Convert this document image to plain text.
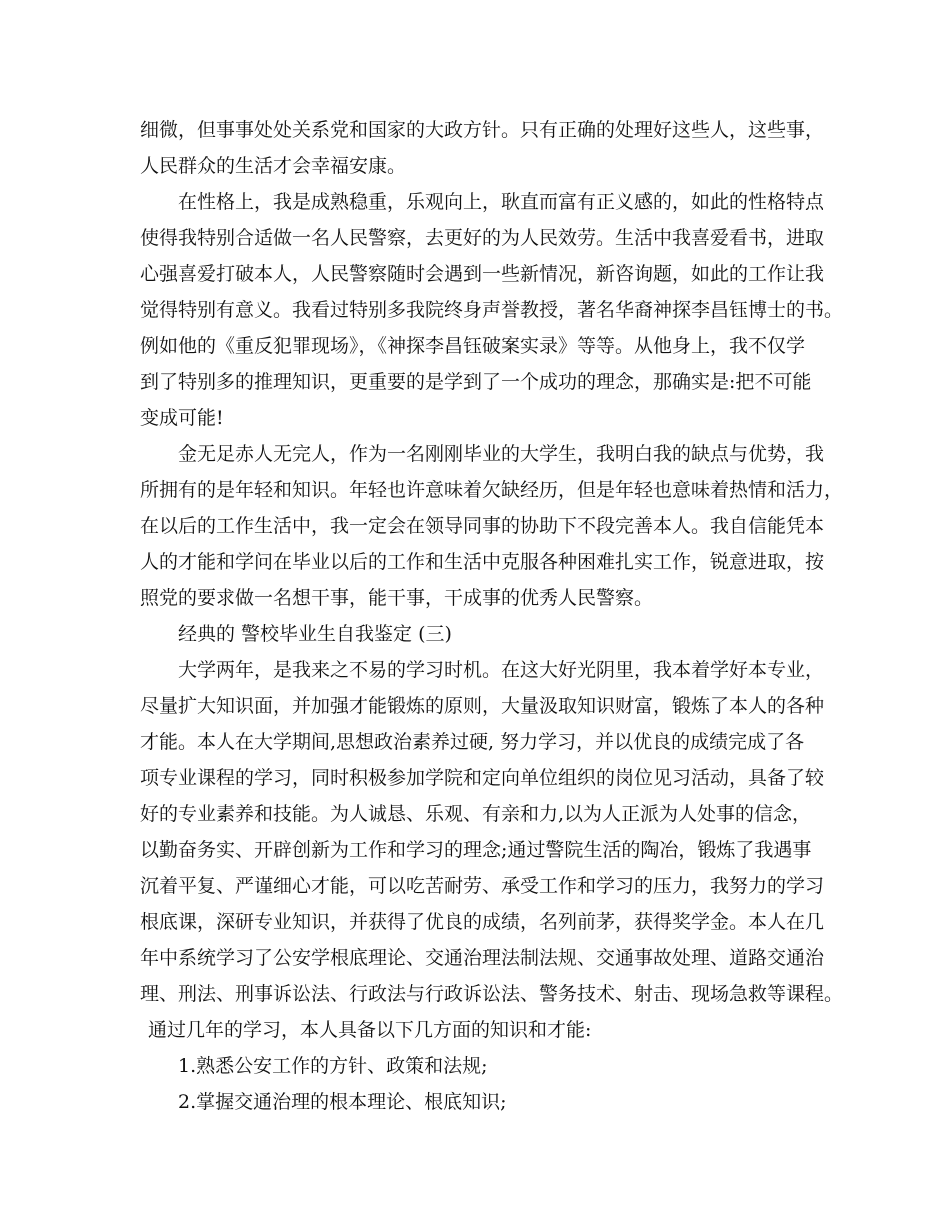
细微，但事事处处关系党和国家的大政方针。只有正确的处理好这些人，这些事，
人民群众的生活才会幸福安康。
在性格上，我是成熟稳重，乐观向上，耿直而富有正义感的，如此的性格特点
使得我特别合适做一名人民警察，去更好的为人民效劳。生活中我喜爱看书，进取
心强喜爱打破本人，人民警察随时会遇到一些新情况，新咨询题，如此的工作让我
觉得特别有意义。我看过特别多我院终身声誉教授，著名华裔神探李昌钰博士的书。
例如他的《重反犯罪现场》，《神探李昌钰破案实录》等等。从他身上，我不仅学
到了特别多的推理知识，更重要的是学到了一个成功的理念，那确实是:把不可能
变成可能!
金无足赤人无完人，作为一名刚刚毕业的大学生，我明白我的缺点与优势，我
所拥有的是年轻和知识。年轻也许意味着欠缺经历，但是年轻也意味着热情和活力，
在以后的工作生活中，我一定会在领导同事的协助下不段完善本人。我自信能凭本
人的才能和学问在毕业以后的工作和生活中克服各种困难扎实工作，锐意进取，按
照党的要求做一名想干事，能干事，干成事的优秀人民警察。
经典的 警校毕业生自我鉴定 (三)
大学两年，是我来之不易的学习时机。在这大好光阴里，我本着学好本专业，
尽量扩大知识面，并加强才能锻炼的原则，大量汲取知识财富，锻炼了本人的各种
才能。本人在大学期间,思想政治素养过硬, 努力学习，并以优良的成绩完成了各
项专业课程的学习，同时积极参加学院和定向单位组织的岗位见习活动，具备了较
好的专业素养和技能。为人诚恳、乐观、有亲和力,以为人正派为人处事的信念，
以勤奋务实、开辟创新为工作和学习的理念;通过警院生活的陶冶，锻炼了我遇事
沉着平复、严谨细心才能，可以吃苦耐劳、承受工作和学习的压力，我努力的学习
根底课，深研专业知识，并获得了优良的成绩，名列前茅，获得奖学金。本人在几
年中系统学习了公安学根底理论、交通治理法制法规、交通事故处理、道路交通治
理、刑法、刑事诉讼法、行政法与行政诉讼法、警务技术、射击、现场急救等课程。
通过几年的学习，本人具备以下几方面的知识和才能:
1.熟悉公安工作的方针、政策和法规;
2.掌握交通治理的根本理论、根底知识;
